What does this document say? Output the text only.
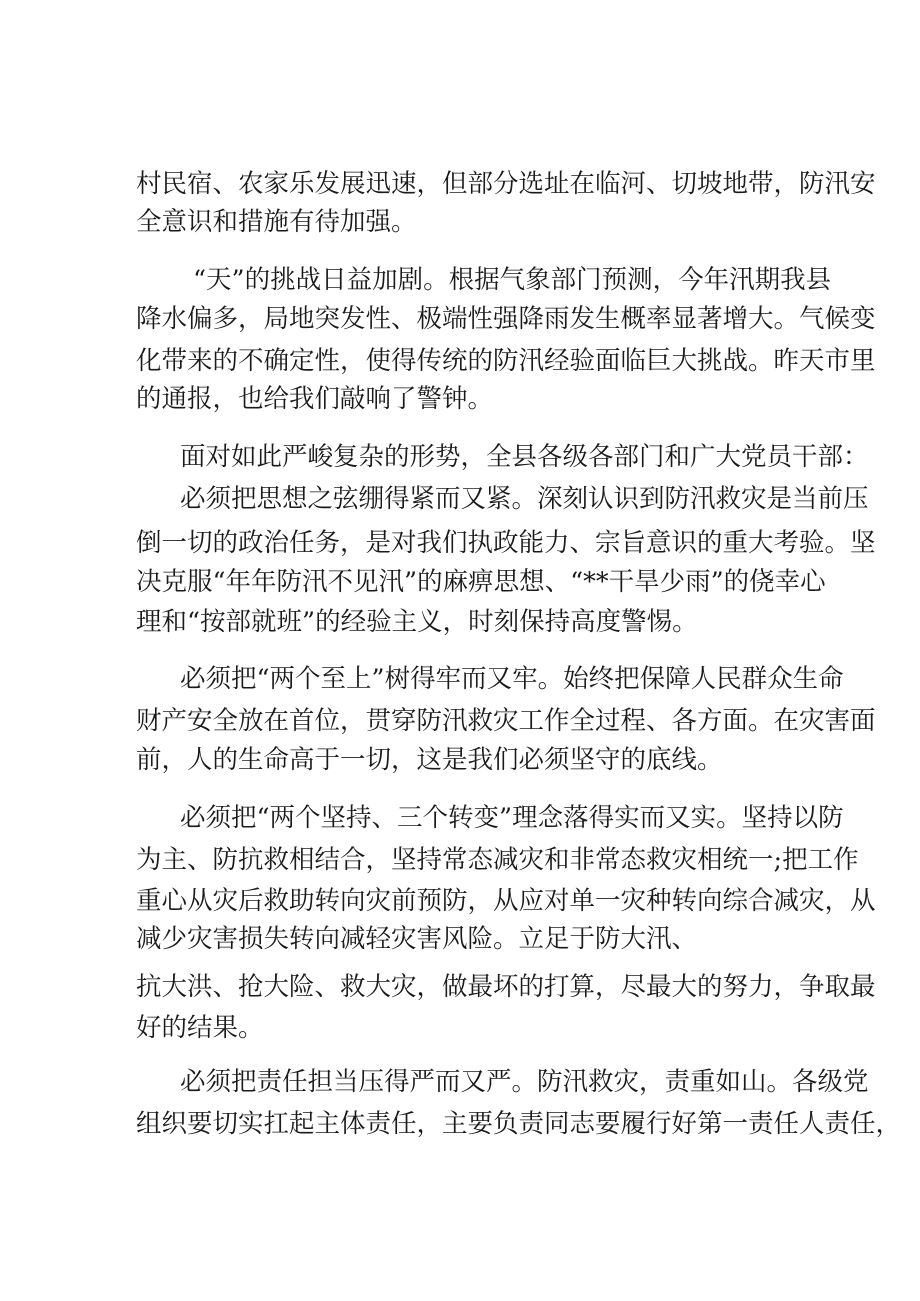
村民宿、农家乐发展迅速，但部分选址在临河、切坡地带，防汛安

全意识和措施有待加强。

“天”的挑战日益加剧。根据气象部门预测，今年汛期我县

降水偏多，局地突发性、极端性强降雨发生概率显著增大。气候变

化带来的不确定性，使得传统的防汛经验面临巨大挑战。昨天市里

的通报，也给我们敲响了警钟。

面对如此严峻复杂的形势，全县各级各部门和广大党员干部：

必须把思想之弦绷得紧而又紧。深刻认识到防汛救灾是当前压

倒一切的政治任务，是对我们执政能力、宗旨意识的重大考验。坚

决克服“年年防汛不见汛”的麻痹思想、“**干旱少雨”的侥幸心

理和“按部就班”的经验主义，时刻保持高度警惕。

必须把“两个至上”树得牢而又牢。始终把保障人民群众生命

财产安全放在首位，贯穿防汛救灾工作全过程、各方面。在灾害面

前，人的生命高于一切，这是我们必须坚守的底线。

必须把“两个坚持、三个转变”理念落得实而又实。坚持以防

为主、防抗救相结合，坚持常态减灾和非常态救灾相统一;把工作

重心从灾后救助转向灾前预防，从应对单一灾种转向综合减灾，从

减少灾害损失转向减轻灾害风险。立足于防大汛、

抗大洪、抢大险、救大灾，做最坏的打算，尽最大的努力，争取最

好的结果。

必须把责任担当压得严而又严。防汛救灾，责重如山。各级党

组织要切实扛起主体责任，主要负责同志要履行好第一责任人责任，
